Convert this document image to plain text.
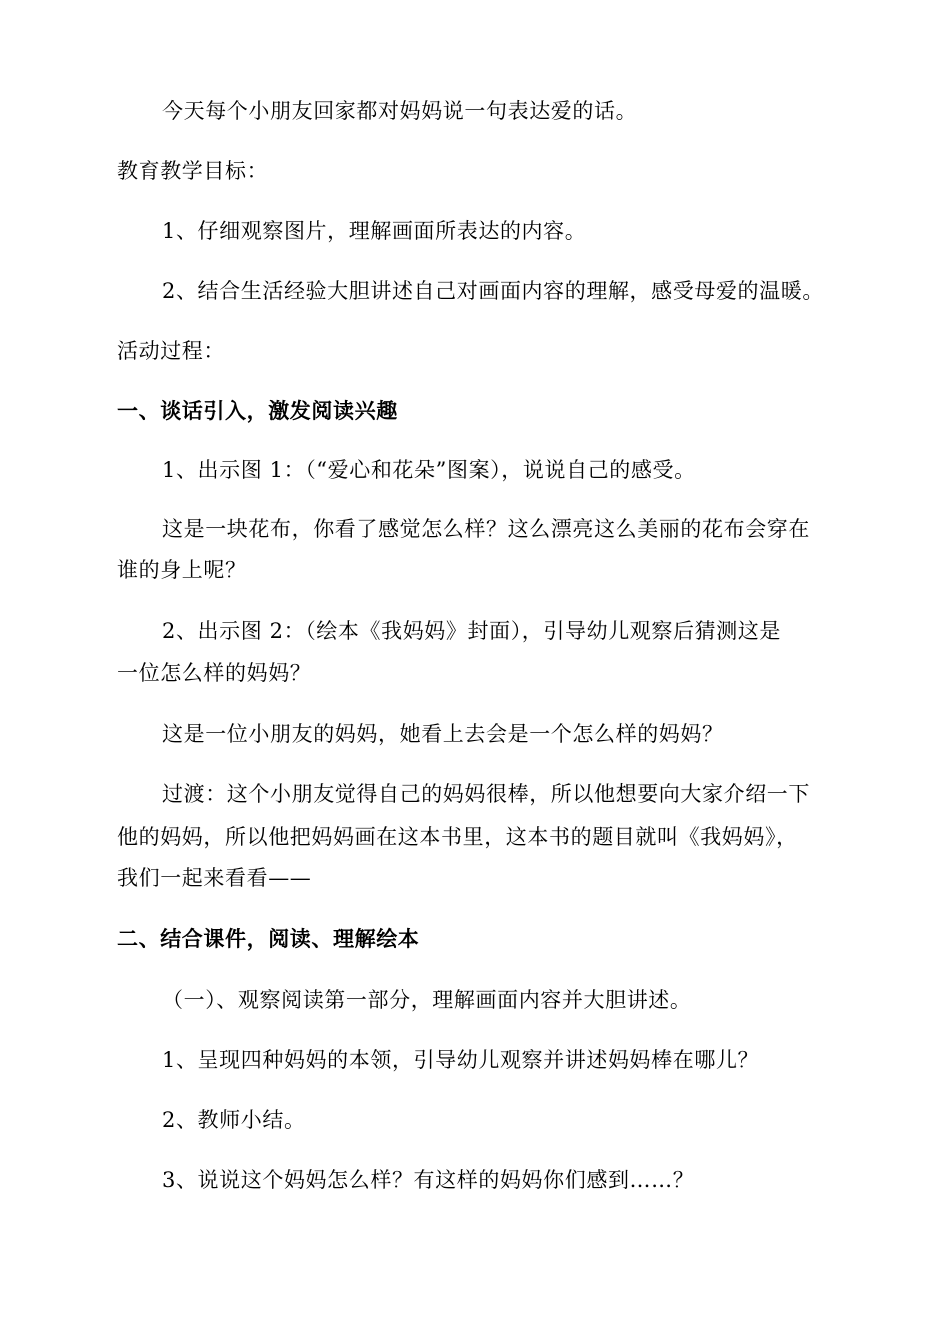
今天每个小朋友回家都对妈妈说一句表达爱的话。
教育教学目标：
1、仔细观察图片，理解画面所表达的内容。
2、结合生活经验大胆讲述自己对画面内容的理解，感受母爱的温暖。
活动过程：
一、谈话引入，激发阅读兴趣
1、出示图 1：（“爱心和花朵”图案），说说自己的感受。
这是一块花布，你看了感觉怎么样？这么漂亮这么美丽的花布会穿在
谁的身上呢？
2、出示图 2：（绘本《我妈妈》封面），引导幼儿观察后猜测这是
一位怎么样的妈妈？
这是一位小朋友的妈妈，她看上去会是一个怎么样的妈妈？
过渡：这个小朋友觉得自己的妈妈很棒，所以他想要向大家介绍一下
他的妈妈，所以他把妈妈画在这本书里，这本书的题目就叫《我妈妈》，
我们一起来看看——
二、结合课件，阅读、理解绘本
（一）、观察阅读第一部分，理解画面内容并大胆讲述。
1、呈现四种妈妈的本领，引导幼儿观察并讲述妈妈棒在哪儿？
2、教师小结。
3、说说这个妈妈怎么样？有这样的妈妈你们感到……？
